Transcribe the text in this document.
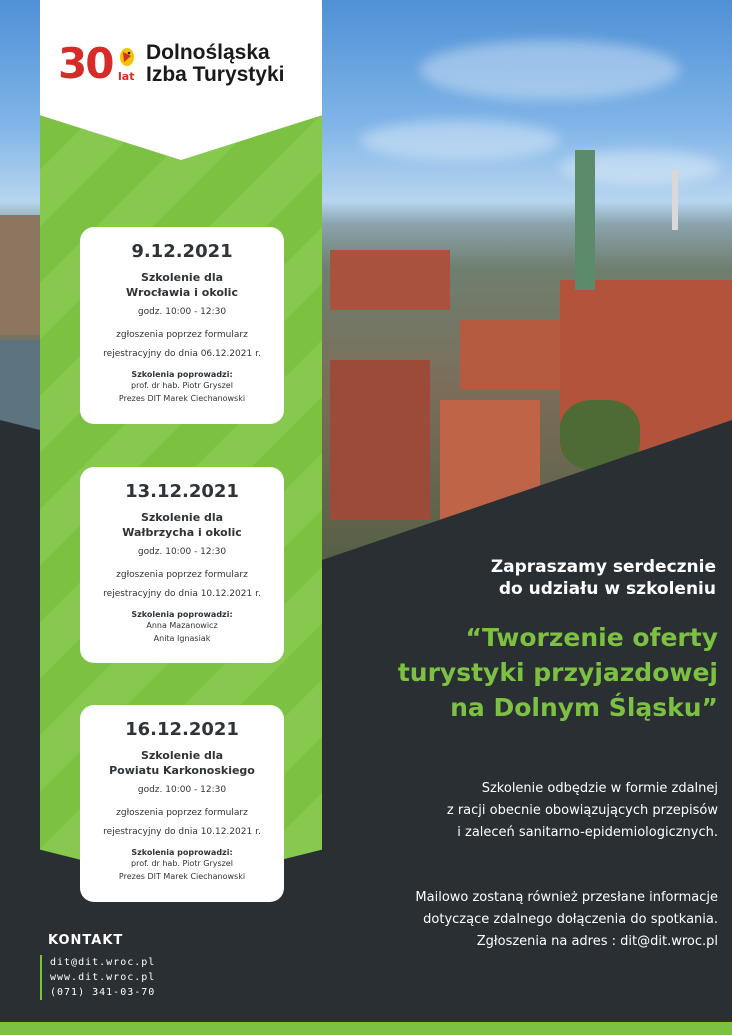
30 lat
Dolnośląska
Izba Turystyki
9.12.2021
Szkolenie dla
Wrocławia i okolic
godz. 10:00 - 12:30
zgłoszenia poprzez formularz
rejestracyjny do dnia 06.12.2021 r.
Szkolenia poprowadzi:
prof. dr hab. Piotr Gryszel
Prezes DIT Marek Ciechanowski
13.12.2021
Szkolenie dla
Wałbrzycha i okolic
godz. 10:00 - 12:30
zgłoszenia poprzez formularz
rejestracyjny do dnia 10.12.2021 r.
Szkolenia poprowadzi:
Anna Mazanowicz
Anita Ignasiak
16.12.2021
Szkolenie dla
Powiatu Karkonoskiego
godz. 10:00 - 12:30
zgłoszenia poprzez formularz
rejestracyjny do dnia 10.12.2021 r.
Szkolenia poprowadzi:
prof. dr hab. Piotr Gryszel
Prezes DIT Marek Ciechanowski
Zapraszamy serdecznie
do udziału w szkoleniu
“Tworzenie oferty
turystyki przyjazdowej
na Dolnym Śląsku”
Szkolenie odbędzie w formie zdalnej
z racji obecnie obowiązujących przepisów
i zaleceń sanitarno-epidemiologicznych.
Mailowo zostaną również przesłane informacje
dotyczące zdalnego dołączenia do spotkania.
Zgłoszenia na adres : dit@dit.wroc.pl
KONTAKT
dit@dit.wroc.pl
www.dit.wroc.pl
(071) 341-03-70
